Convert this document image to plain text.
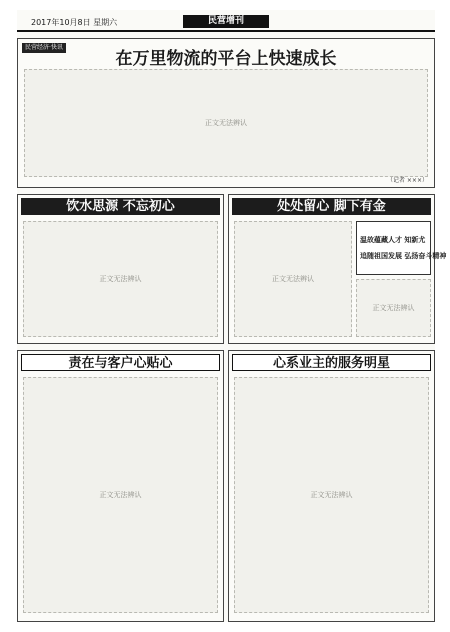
2017年10月8日 星期六	民营增刊
民营经济·快讯
在万里物流的平台上快速成长
正文无法辨认
（记者 ×××）
饮水思源 不忘初心
正文无法辨认
处处留心 脚下有金
正文无法辨认
温故蕴藏人才 知新尤
追随祖国发展 弘扬奋斗精神
正文无法辨认
责在与客户心贴心
正文无法辨认
心系业主的服务明星
正文无法辨认
